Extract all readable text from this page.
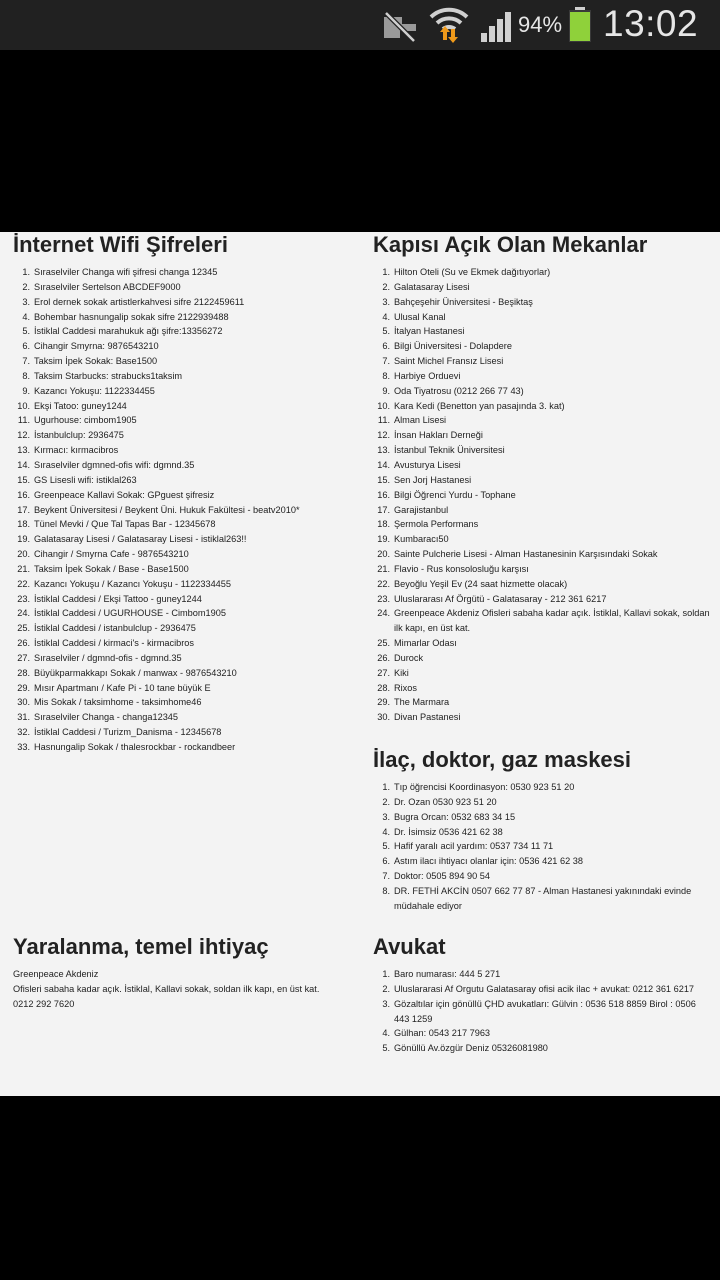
94% 13:02
İnternet Wifi Şifreleri
1. Sıraselviler Changa wifi şifresi changa 12345
2. Sıraselviler Sertelson ABCDEF9000
3. Erol dernek sokak artistlerkahvesi sifre 2122459611
4. Bohembar hasnungalip sokak sifre 2122939488
5. İstiklal Caddesi marahukuk ağı şifre:13356272
6. Cihangir Smyrna: 9876543210
7. Taksim İpek Sokak: Base1500
8. Taksim Starbucks: strabucks1taksim
9. Kazancı Yokuşu: 1122334455
10. Ekşi Tatoo: guney1244
11. Ugurhouse: cimbom1905
12. İstanbulclup: 2936475
13. Kırmacı: kırmacibros
14. Sıraselviler dgmned-ofis wifi: dgmnd.35
15. GS Lisesli wifi: istiklal263
16. Greenpeace Kallavi Sokak: GPguest şifresiz
17. Beykent Üniversitesi / Beykent Üni. Hukuk Fakültesi - beatv2010*
18. Tünel Mevki / Que Tal Tapas Bar - 12345678
19. Galatasaray Lisesi / Galatasaray Lisesi - istiklal263!!
20. Cihangir / Smyrna Cafe - 9876543210
21. Taksim İpek Sokak / Base - Base1500
22. Kazancı Yokuşu / Kazancı Yokuşu - 1122334455
23. İstiklal Caddesi / Ekşi Tattoo - guney1244
24. İstiklal Caddesi / UGURHOUSE - Cimbom1905
25. İstiklal Caddesi / istanbulclup - 2936475
26. İstiklal Caddesi / kirmaci's - kirmacibros
27. Sıraselviler / dgmnd-ofis - dgmnd.35
28. Büyükparmakkapı Sokak / manwax - 9876543210
29. Mısır Apartmanı / Kafe Pi - 10 tane büyük E
30. Mis Sokak / taksimhome - taksimhome46
31. Sıraselviler Changa - changa12345
32. İstiklal Caddesi / Turizm_Danisma - 12345678
33. Hasnungalip Sokak / thalesrockbar - rockandbeer
Yaralanma, temel ihtiyaç

Greenpeace Akdeniz

Ofisleri sabaha kadar açık. İstiklal, Kallavi sokak, soldan ilk kapı, en üst kat.

0212 292 7620

Kapısı Açık Olan Mekanlar
1. Hilton Oteli (Su ve Ekmek dağıtıyorlar)
2. Galatasaray Lisesi
3. Bahçeşehir Üniversitesi - Beşiktaş
4. Ulusal Kanal
5. İtalyan Hastanesi
6. Bilgi Üniversitesi - Dolapdere
7. Saint Michel Fransız Lisesi
8. Harbiye Orduevi
9. Oda Tiyatrosu (0212 266 77 43)
10. Kara Kedi (Benetton yan pasajında 3. kat)
11. Alman Lisesi
12. İnsan Hakları Derneği
13. İstanbul Teknik Üniversitesi
14. Avusturya Lisesi
15. Sen Jorj Hastanesi
16. Bilgi Öğrenci Yurdu - Tophane
17. Garajistanbul
18. Şermola Performans
19. Kumbaracı50
20. Sainte Pulcherie Lisesi - Alman Hastanesinin Karşısındaki Sokak
21. Flavio - Rus konsolosluğu karşısı
22. Beyoğlu Yeşil Ev (24 saat hizmette olacak)
23. Uluslararası Af Örgütü - Galatasaray - 212 361 6217
24. Greenpeace Akdeniz Ofisleri sabaha kadar açık. İstiklal, Kallavi sokak, soldan ilk kapı, en üst kat.
25. Mimarlar Odası
26. Durock
27. Kiki
28. Rixos
29. The Marmara
30. Divan Pastanesi
İlaç, doktor, gaz maskesi
1. Tıp öğrencisi Koordinasyon: 0530 923 51 20
2. Dr. Ozan 0530 923 51 20
3. Bugra Orcan: 0532 683 34 15
4. Dr. İsimsiz 0536 421 62 38
5. Hafif yaralı acil yardım: 0537 734 11 71
6. Astım ilacı ihtiyacı olanlar için: 0536 421 62 38
7. Doktor: 0505 894 90 54
8. DR. FETHİ AKCİN 0507 662 77 87 - Alman Hastanesi yakınındaki evinde müdahale ediyor
Avukat
1. Baro numarası: 444 5 271
2. Uluslararasi Af Orgutu Galatasaray ofisi acik ilac + avukat: 0212 361 6217
3. Gözaltılar için gönüllü ÇHD avukatları: Gülvin : 0536 518 8859 Birol : 0506 443 1259
4. Gülhan: 0543 217 7963
5. Gönüllü Av.özgür Deniz 05326081980
